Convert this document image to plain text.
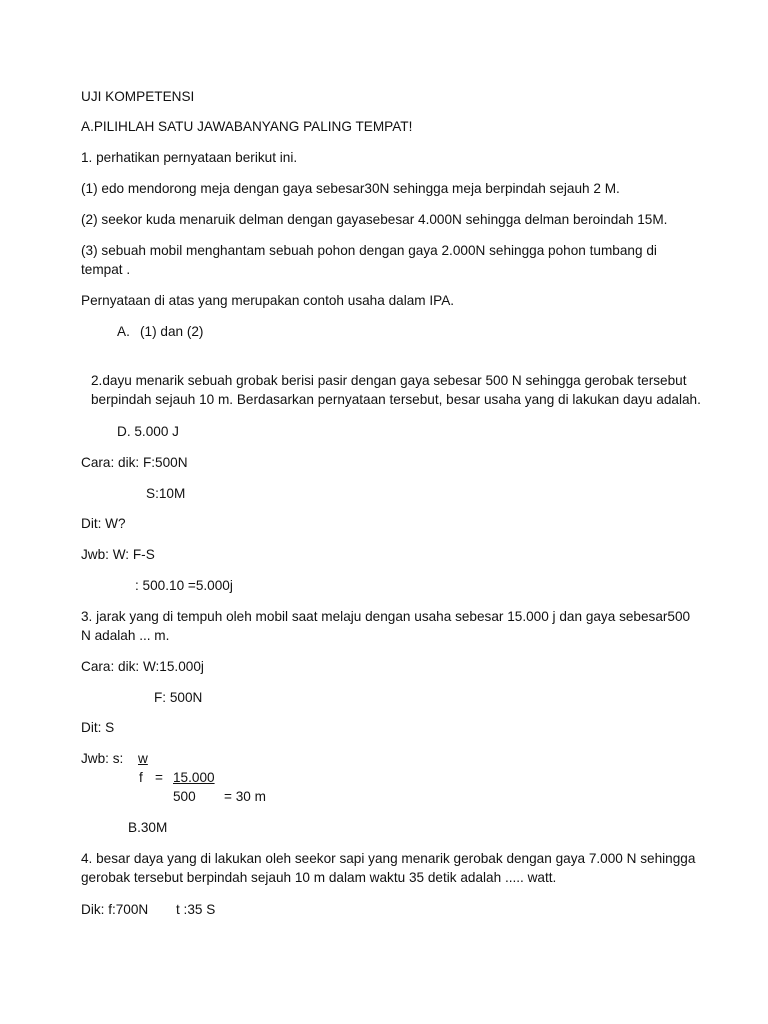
UJI KOMPETENSI
A.PILIHLAH SATU JAWABANYANG PALING TEMPAT!
1. perhatikan pernyataan berikut ini.
(1) edo mendorong meja dengan gaya sebesar30N sehingga meja berpindah sejauh 2 M.
(2) seekor kuda menaruik delman dengan gayasebesar 4.000N sehingga delman beroindah 15M.
(3) sebuah mobil menghantam sebuah pohon dengan gaya 2.000N sehingga pohon tumbang di
tempat .
Pernyataan di atas yang merupakan contoh usaha dalam IPA.
A. (1) dan (2)
2.dayu menarik sebuah grobak berisi pasir dengan gaya sebesar 500 N sehingga gerobak tersebut
berpindah sejauh 10 m. Berdasarkan pernyataan tersebut, besar usaha yang di lakukan dayu adalah.
D. 5.000 J
Cara: dik: F:500N
S:10M
Dit: W?
Jwb: W: F-S
: 500.10 =5.000j
3. jarak yang di tempuh oleh mobil saat melaju dengan usaha sebesar 15.000 j dan gaya sebesar500
N adalah ... m.
Cara: dik: W:15.000j
F: 500N
Dit: S
Jwb: s: w
f = 15.000
500 = 30 m
B.30M
4. besar daya yang di lakukan oleh seekor sapi yang menarik gerobak dengan gaya 7.000 N sehingga
gerobak tersebut berpindah sejauh 10 m dalam waktu 35 detik adalah ..... watt.
Dik: f:700N t :35 S
